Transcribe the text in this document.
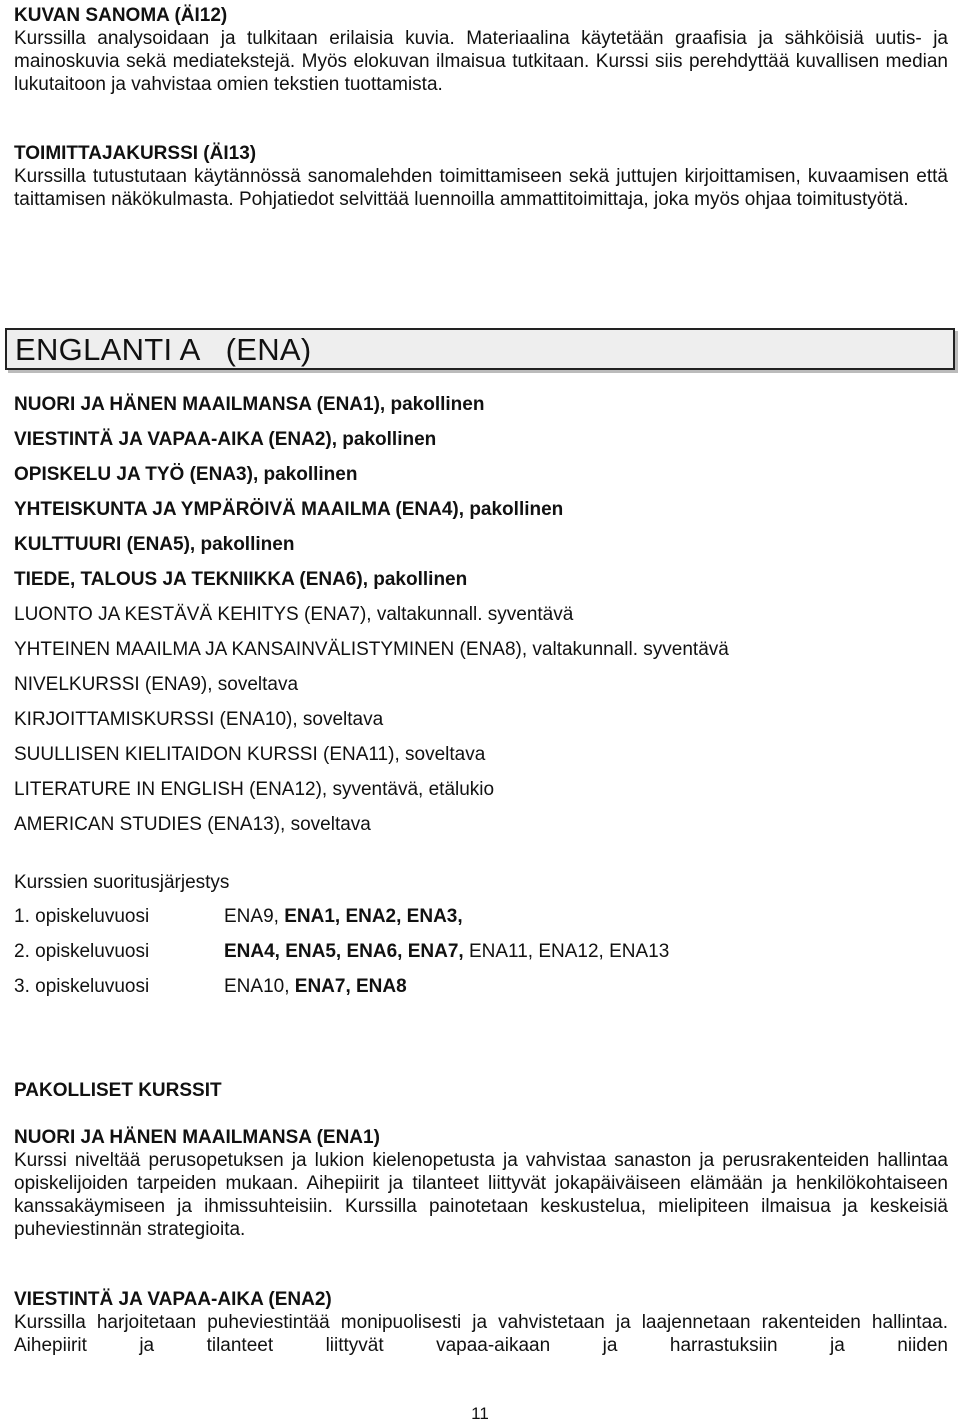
KUVAN SANOMA (ÄI12)

Kurssilla analysoidaan ja tulkitaan erilaisia kuvia. Materiaalina käytetään graafisia ja sähköisiä uutis- ja mainoskuvia sekä mediatekstejä. Myös elokuvan ilmaisua tutkitaan. Kurssi siis perehdyttää kuvallisen median lukutaitoon ja vahvistaa omien tekstien tuottamista.

TOIMITTAJAKURSSI (ÄI13)

Kurssilla tutustutaan käytännössä sanomalehden toimittamiseen sekä juttujen kirjoittamisen, kuvaamisen että taittamisen näkökulmasta. Pohjatiedot selvittää luennoilla ammattitoimittaja, joka myös ohjaa toimitustyötä.

ENGLANTI A   (ENA)
NUORI JA HÄNEN MAAILMANSA (ENA1), pakollinen
VIESTINTÄ JA VAPAA-AIKA (ENA2), pakollinen
OPISKELU JA TYÖ (ENA3), pakollinen
YHTEISKUNTA JA YMPÄRÖIVÄ MAAILMA (ENA4), pakollinen
KULTTUURI (ENA5), pakollinen
TIEDE, TALOUS JA TEKNIIKKA (ENA6), pakollinen
LUONTO JA KESTÄVÄ KEHITYS (ENA7), valtakunnall. syventävä
YHTEINEN MAAILMA JA KANSAINVÄLISTYMINEN (ENA8), valtakunnall. syventävä
NIVELKURSSI (ENA9), soveltava
KIRJOITTAMISKURSSI (ENA10), soveltava
SUULLISEN KIELITAIDON KURSSI (ENA11), soveltava
LITERATURE IN ENGLISH (ENA12), syventävä, etälukio
AMERICAN STUDIES (ENA13), soveltava
Kurssien suoritusjärjestys
1. opiskeluvuosi	ENA9, ENA1, ENA2, ENA3,
2. opiskeluvuosi	ENA4, ENA5, ENA6, ENA7, ENA11, ENA12, ENA13
3. opiskeluvuosi	ENA10, ENA7, ENA8
PAKOLLISET KURSSIT
NUORI JA HÄNEN MAAILMANSA (ENA1)

Kurssi niveltää perusopetuksen ja lukion kielenopetusta ja vahvistaa sanaston ja perusrakenteiden hallintaa opiskelijoiden tarpeiden mukaan. Aihepiirit ja tilanteet liittyvät jokapäiväiseen elämään ja henkilökohtaiseen kanssakäymiseen ja ihmissuhteisiin. Kurssilla painotetaan keskustelua, mielipiteen ilmaisua ja keskeisiä puheviestinnän strategioita.

VIESTINTÄ JA VAPAA-AIKA (ENA2)

Kurssilla harjoitetaan puheviestintää monipuolisesti ja vahvistetaan ja laajennetaan rakenteiden hallintaa. Aihepiirit ja tilanteet liittyvät vapaa-aikaan ja harrastuksiin ja niiden

11
